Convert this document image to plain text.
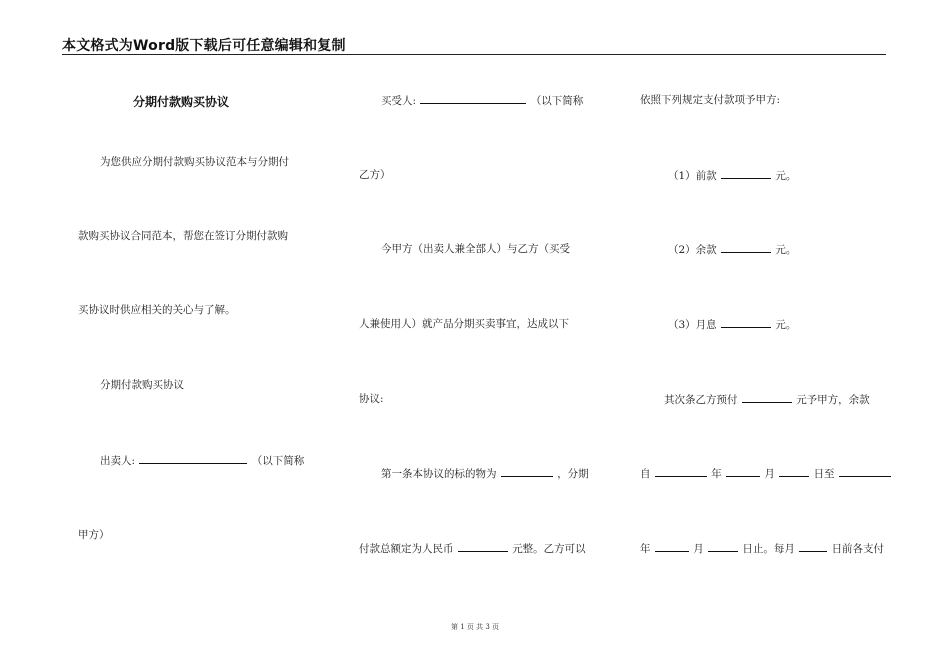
本文格式为Word版下载后可任意编辑和复制
分期付款购买协议
为您供应分期付款购买协议范本与分期付
款购买协议合同范本，帮您在签订分期付款购
买协议时供应相关的关心与了解。
分期付款购买协议
出卖人:	（以下简称
甲方）
买受人:	（以下简称
乙方）
今甲方（出卖人兼全部人）与乙方（买受
人兼使用人）就产品分期买卖事宜，达成以下
协议:
第一条本协议的标的物为	，分期
付款总额定为人民币	元整。乙方可以
依照下列规定支付款项予甲方:
（1）前款	元。
（2）余款	元。
（3）月息	元。
其次条乙方预付	元予甲方，余款
自	年	月	日至
年	月	日止。每月	日前各支付
第 1 页 共 3 页
